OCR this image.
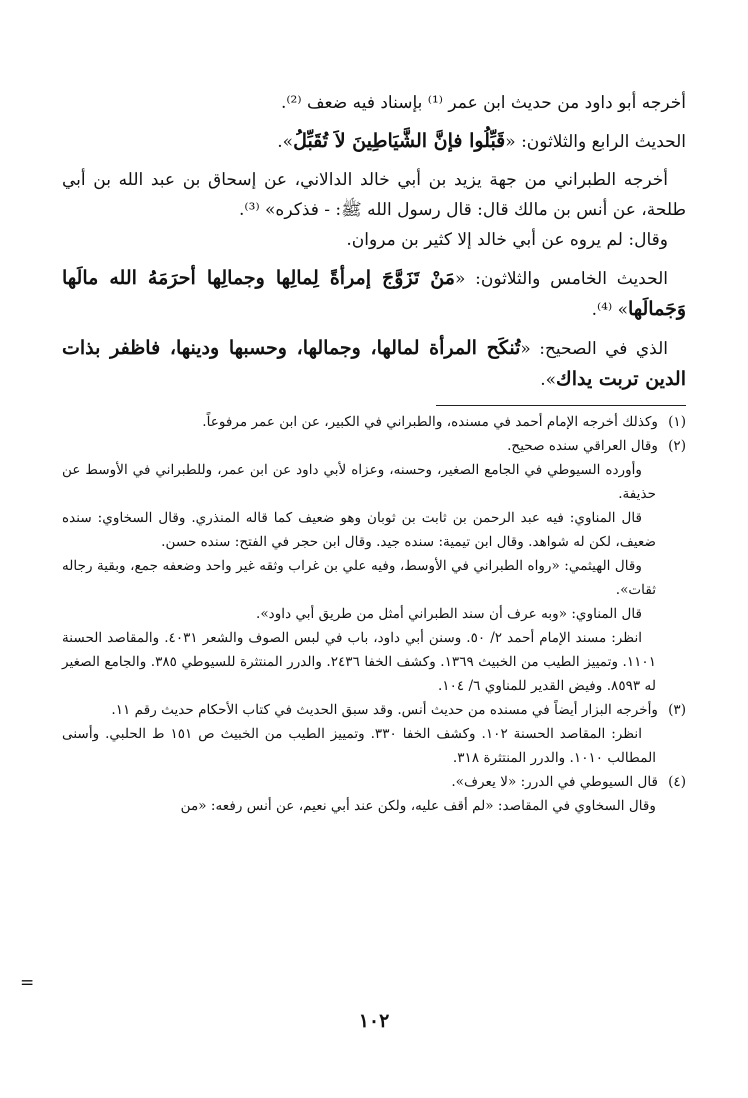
أخرجه أبو داود من حديث ابن عمر ⁽¹⁾ بإسناد فيه ضعف ⁽²⁾.

الحديث الرابع والثلاثون: «قَبِّلُوا فإنَّ الشَّيَاطِينَ لاَ تُقَبِّلُ».

أخرجه الطبراني من جهة يزيد بن أبي خالد الدالاني، عن إسحاق بن عبد الله بن أبي طلحة، عن أنس بن مالك قال: قال رسول الله ﷺ: - فذكره» ⁽³⁾.

وقال: لم يروه عن أبي خالد إلا كثير بن مروان.

الحديث الخامس والثلاثون: «مَنْ تَزَوَّجَ إمرأةً لِمالِها وجمالِها أحرَمَهُ الله مالَها وَجَمالَها» ⁽⁴⁾.

الذي في الصحيح: «تُنكَح المرأة لمالها، وجمالها، وحسبها ودينها، فاظفر بذات الدين تربت يداك».

(١)وكذلك أخرجه الإمام أحمد في مسنده، والطبراني في الكبير، عن ابن عمر مرفوعاً.

(٢)وقال العراقي سنده صحيح.

وأورده السيوطي في الجامع الصغير، وحسنه، وعزاه لأبي داود عن ابن عمر، وللطبراني في الأوسط عن حذيفة.

قال المناوي: فيه عبد الرحمن بن ثابت بن ثوبان وهو ضعيف كما قاله المنذري. وقال السخاوي: سنده ضعيف، لكن له شواهد. وقال ابن تيمية: سنده جيد. وقال ابن حجر في الفتح: سنده حسن.

وقال الهيثمي: «رواه الطبراني في الأوسط، وفيه علي بن غراب وثقه غير واحد وضعفه جمع، وبقية رجاله ثقات».

قال المناوي: «وبه عرف أن سند الطبراني أمثل من طريق أبي داود».

انظر: مسند الإمام أحمد ٢/ ٥٠. وسنن أبي داود، باب في لبس الصوف والشعر ٤٠٣١. والمقاصد الحسنة ١١٠١. وتمييز الطيب من الخبيث ١٣٦٩. وكشف الخفا ٢٤٣٦. والدرر المنتثرة للسيوطي ٣٨٥. والجامع الصغير له ٨٥٩٣. وفيض القدير للمناوي ٦/ ١٠٤.

(٣)وأخرجه البزار أيضاً في مسنده من حديث أنس. وقد سبق الحديث في كتاب الأحكام حديث رقم ١١.

انظر: المقاصد الحسنة ١٠٢. وكشف الخفا ٣٣٠. وتمييز الطيب من الخبيث ص ١٥١ ط الحلبي. وأسنى المطالب ١٠١٠. والدرر المنتثرة ٣١٨.

(٤)قال السيوطي في الدرر: «لا يعرف».

وقال السخاوي في المقاصد: «لم أقف عليه، ولكن عند أبي نعيم، عن أنس رفعه: «من

=
١٠٢
